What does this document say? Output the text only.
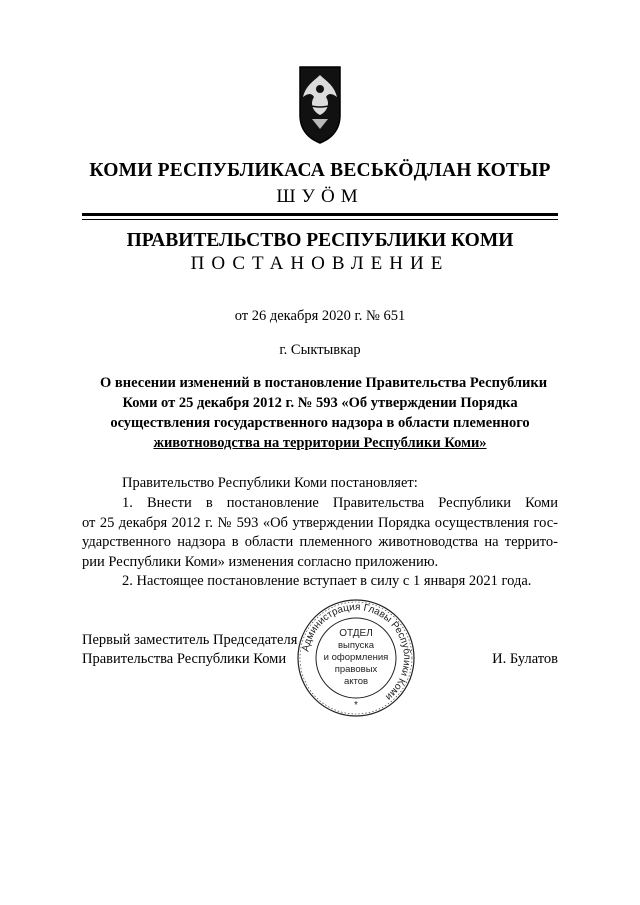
КОМИ РЕСПУБЛИКАСА ВЕСЬКӦДЛАН КОТЫР
ШУӦМ
ПРАВИТЕЛЬСТВО РЕСПУБЛИКИ КОМИ
ПОСТАНОВЛЕНИЕ
от 26 декабря 2020 г. № 651
г. Сыктывкар
О внесении изменений в постановление Правительства Республики
Коми от 25 декабря 2012 г. № 593 «Об утверждении Порядка
осуществления государственного надзора в области племенного
животноводства на территории Республики Коми»
Правительство Республики Коми постановляет:
1. Внести в постановление Правительства Республики Коми
от 25 декабря 2012 г. № 593 «Об утверждении Порядка осуществления гос-
ударственного надзора в области племенного животноводства на террито-
рии Республики Коми» изменения согласно приложению.
2. Настоящее постановление вступает в силу с 1 января 2021 года.
Администрация Главы Республики Коми
ОТДЕЛ
выпуска
и оформления
правовых
актов
*
Первый заместитель Председателя
Правительства Республики Коми	И. Булатов
